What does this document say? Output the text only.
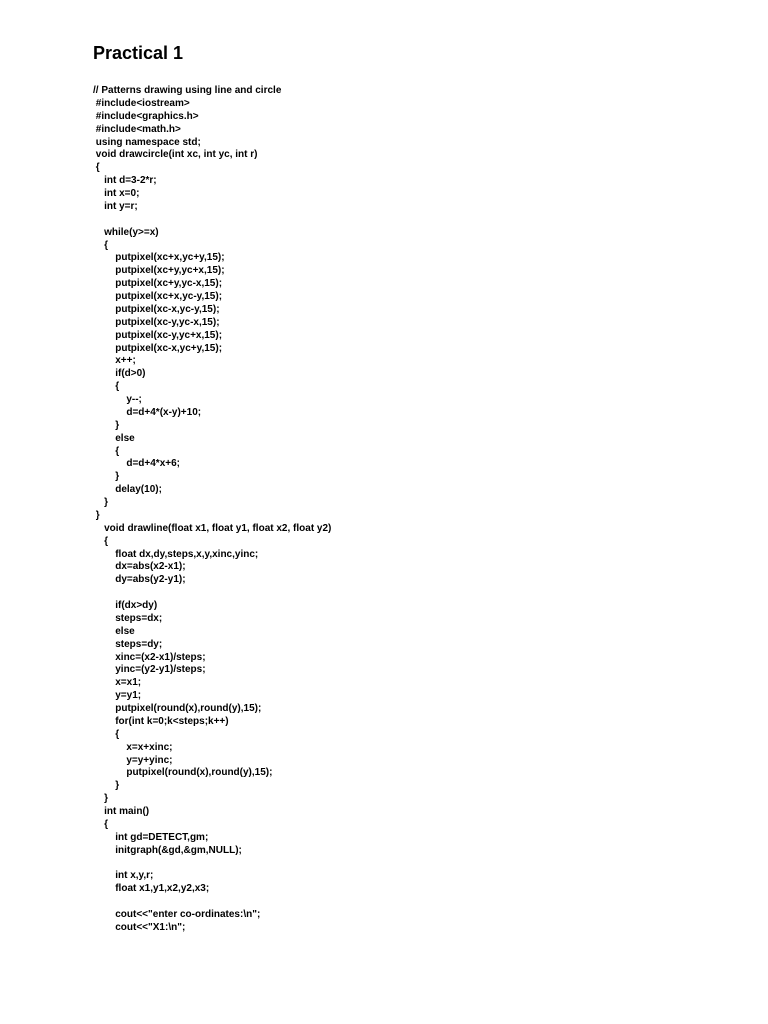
Practical 1
// Patterns drawing using line and circle
#include<iostream>
#include<graphics.h>
#include<math.h>
using namespace std;
void drawcircle(int xc, int yc, int r)
{
int d=3-2*r;
int x=0;
int y=r;
while(y>=x)
{
putpixel(xc+x,yc+y,15);
putpixel(xc+y,yc+x,15);
putpixel(xc+y,yc-x,15);
putpixel(xc+x,yc-y,15);
putpixel(xc-x,yc-y,15);
putpixel(xc-y,yc-x,15);
putpixel(xc-y,yc+x,15);
putpixel(xc-x,yc+y,15);
x++;
if(d>0)
{
y--;
d=d+4*(x-y)+10;
}
else
{
d=d+4*x+6;
}
delay(10);
}
}
void drawline(float x1, float y1, float x2, float y2)
{
float dx,dy,steps,x,y,xinc,yinc;
dx=abs(x2-x1);
dy=abs(y2-y1);
if(dx>dy)
steps=dx;
else
steps=dy;
xinc=(x2-x1)/steps;
yinc=(y2-y1)/steps;
x=x1;
y=y1;
putpixel(round(x),round(y),15);
for(int k=0;k<steps;k++)
{
x=x+xinc;
y=y+yinc;
putpixel(round(x),round(y),15);
}
}
int main()
{
int gd=DETECT,gm;
initgraph(&gd,&gm,NULL);
int x,y,r;
float x1,y1,x2,y2,x3;
cout<<"enter co-ordinates:\n";
cout<<"X1:\n";
